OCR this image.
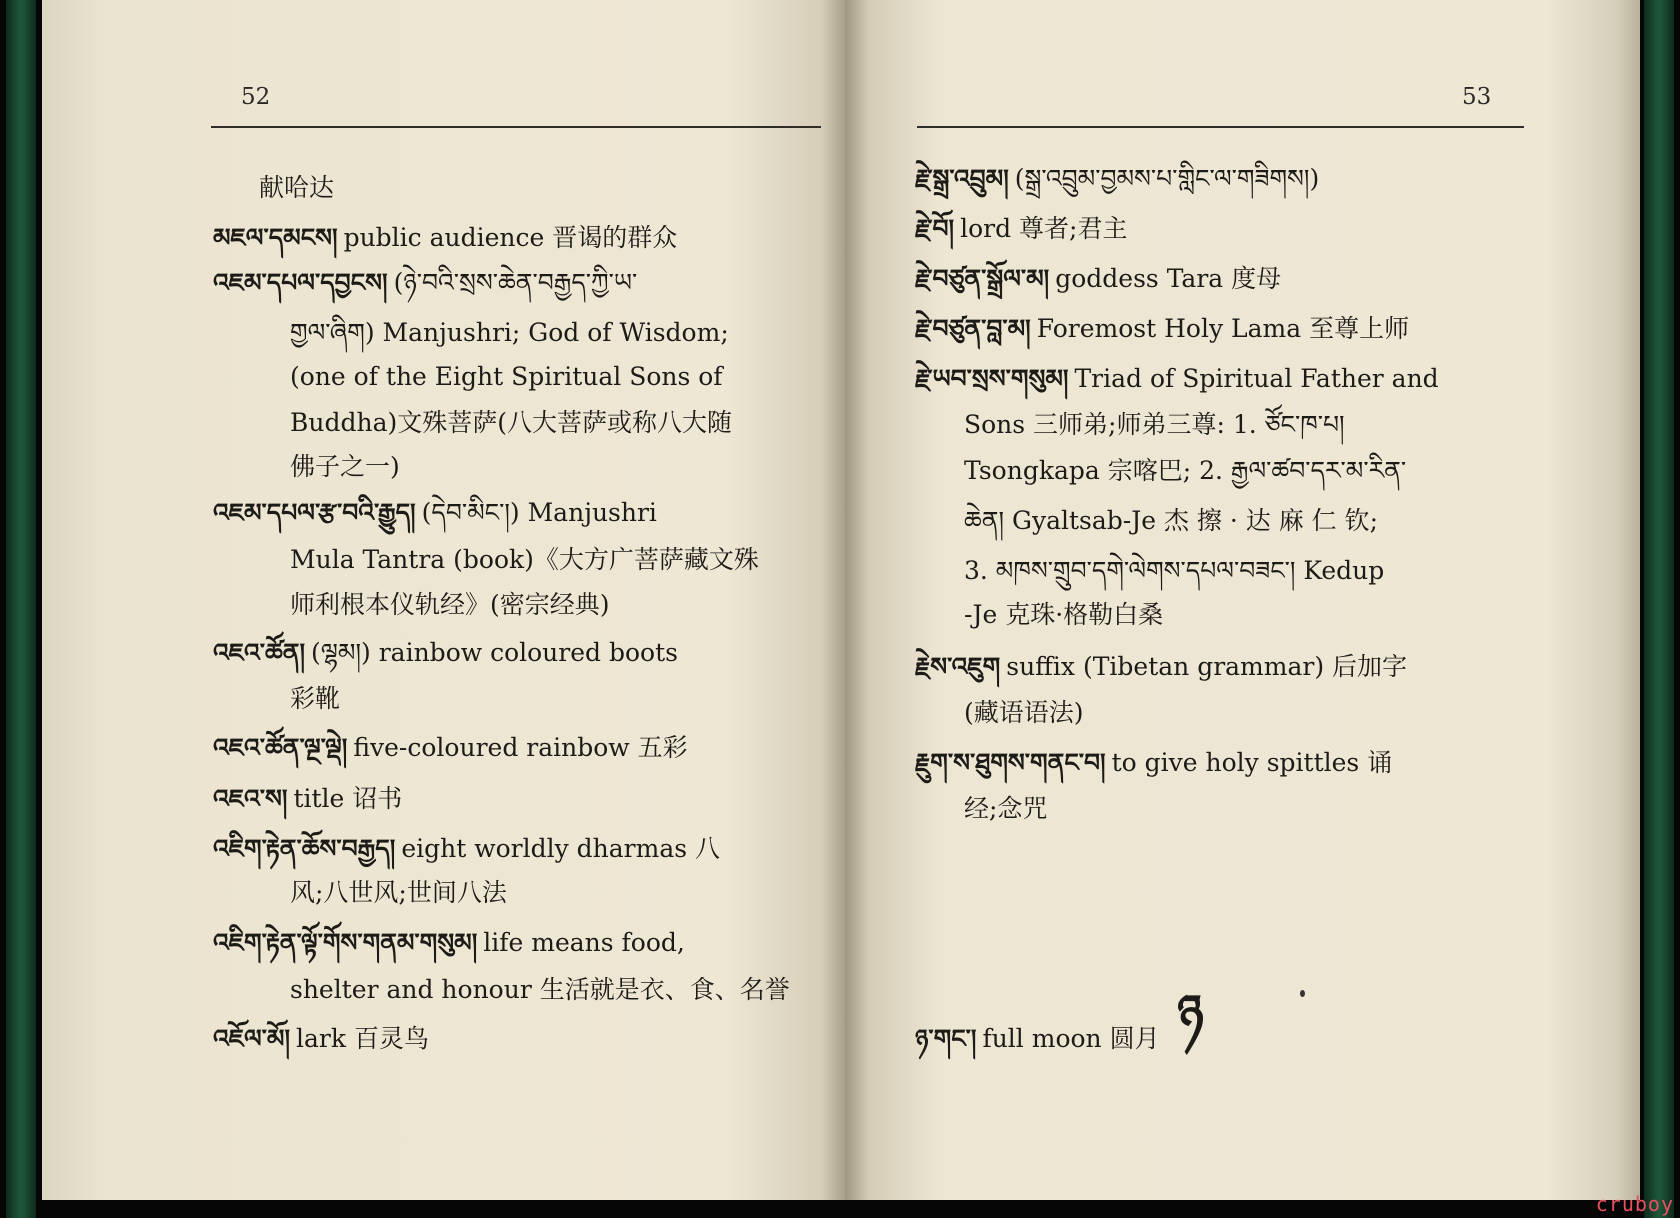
52
献哈达
མཇལ་དམངས། public audience 晋谒的群众
འཇམ་དཔལ་དབྱངས། (ཉེ་བའི་སྲས་ཆེན་བརྒྱད་ཀྱི་ཡ་
གྱལ་ཞིག) Manjushri; God of Wisdom;
(one of the Eight Spiritual Sons of
Buddha)文殊菩萨(八大菩萨或称八大随
佛子之一)
འཇམ་དཔལ་རྩ་བའི་རྒྱུད། (དེབ་མིང་།) Manjushri
Mula Tantra (book)《大方广菩萨藏文殊
师利根本仪轨经》(密宗经典)
འཇའ་ཚོན། (ལྷམ།) rainbow coloured boots
彩靴
འཇའ་ཚོན་ལྔ་ལྡེ། five-coloured rainbow 五彩
འཇའ་ས། title 诏书
འཇིག་རྟེན་ཆོས་བརྒྱད། eight worldly dharmas 八
风;八世风;世间八法
འཇིག་རྟེན་ལྟོ་གོས་གནམ་གསུམ། life means food,
shelter and honour 生活就是衣、食、名誉
འཇོལ་མོ། lark 百灵鸟
53
རྗེ་སྒྲ་འབྲུམ། (སྒྲ་འབྲུམ་བྱམས་པ་གླིང་ལ་གཟིགས།)
རྗེ་བོ། lord 尊者;君主
རྗེ་བཙུན་སྒྲོལ་མ། goddess Tara 度母
རྗེ་བཙུན་བླ་མ། Foremost Holy Lama 至尊上师
རྗེ་ཡབ་སྲས་གསུམ། Triad of Spiritual Father and
Sons 三师弟;师弟三尊: 1. ཙོང་ཁ་པ།
Tsongkapa 宗喀巴; 2. རྒྱལ་ཚབ་དར་མ་རིན་
ཆེན། Gyaltsab-Je 杰 擦 · 达 麻 仁 钦;
3. མཁས་གྲུབ་དགེ་ལེགས་དཔལ་བཟང་། Kedup
-Je 克珠·格勒白桑
རྗེས་འཇུག suffix (Tibetan grammar) 后加字
(藏语语法)
རྗུག་ས་ཐུགས་གནང་བ། to give holy spittles 诵
经;念咒
ཉ་གང་། full moon 圆月 ཉ
cruboy
